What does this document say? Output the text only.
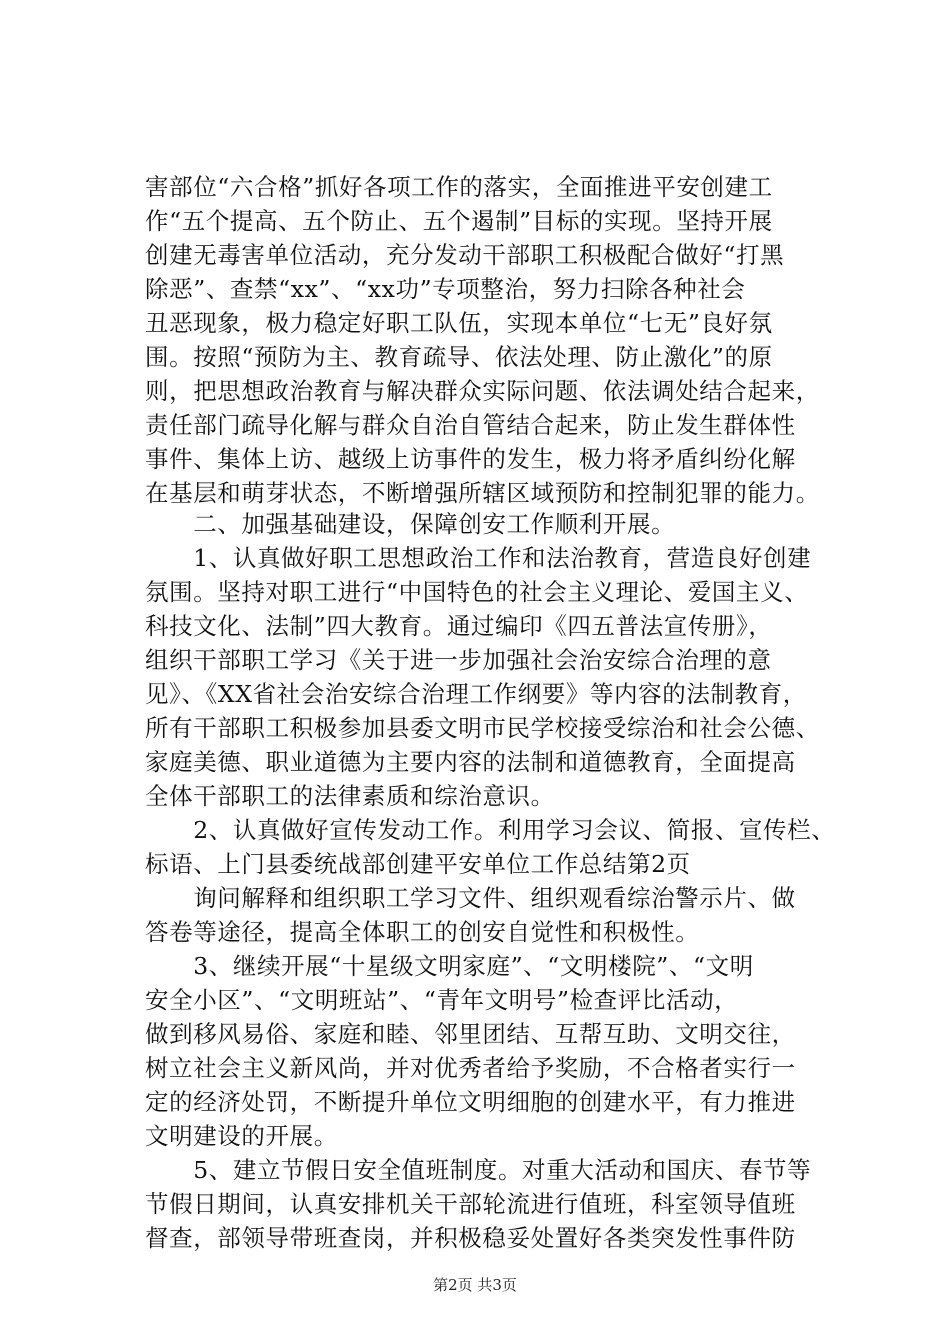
害部位“六合格”抓好各项工作的落实，全面推进平安创建工
作“五个提高、五个防止、五个遏制”目标的实现。坚持开展
创建无毒害单位活动，充分发动干部职工积极配合做好“打黑
除恶”、查禁“xx”、“xx功”专项整治，努力扫除各种社会
丑恶现象，极力稳定好职工队伍，实现本单位“七无”良好氛
围。按照“预防为主、教育疏导、依法处理、防止激化”的原
则，把思想政治教育与解决群众实际问题、依法调处结合起来，
责任部门疏导化解与群众自治自管结合起来，防止发生群体性
事件、集体上访、越级上访事件的发生，极力将矛盾纠纷化解
在基层和萌芽状态，不断增强所辖区域预防和控制犯罪的能力。
　　二、加强基础建设，保障创安工作顺利开展。
　　1、认真做好职工思想政治工作和法治教育，营造良好创建
氛围。坚持对职工进行“中国特色的社会主义理论、爱国主义、
科技文化、法制”四大教育。通过编印《四五普法宣传册》，
组织干部职工学习《关于进一步加强社会治安综合治理的意
见》、《XX省社会治安综合治理工作纲要》等内容的法制教育，
所有干部职工积极参加县委文明市民学校接受综治和社会公德、
家庭美德、职业道德为主要内容的法制和道德教育，全面提高
全体干部职工的法律素质和综治意识。
　　2、认真做好宣传发动工作。利用学习会议、简报、宣传栏、
标语、上门县委统战部创建平安单位工作总结第2页
　　询问解释和组织职工学习文件、组织观看综治警示片、做
答卷等途径，提高全体职工的创安自觉性和积极性。
　　3、继续开展“十星级文明家庭”、“文明楼院”、“文明
安全小区”、“文明班站”、“青年文明号”检查评比活动，
做到移风易俗、家庭和睦、邻里团结、互帮互助、文明交往，
树立社会主义新风尚，并对优秀者给予奖励，不合格者实行一
定的经济处罚，不断提升单位文明细胞的创建水平，有力推进
文明建设的开展。
　　5、建立节假日安全值班制度。对重大活动和国庆、春节等
节假日期间，认真安排机关干部轮流进行值班，科室领导值班
督查，部领导带班查岗，并积极稳妥处置好各类突发性事件防
第2页 共3页
